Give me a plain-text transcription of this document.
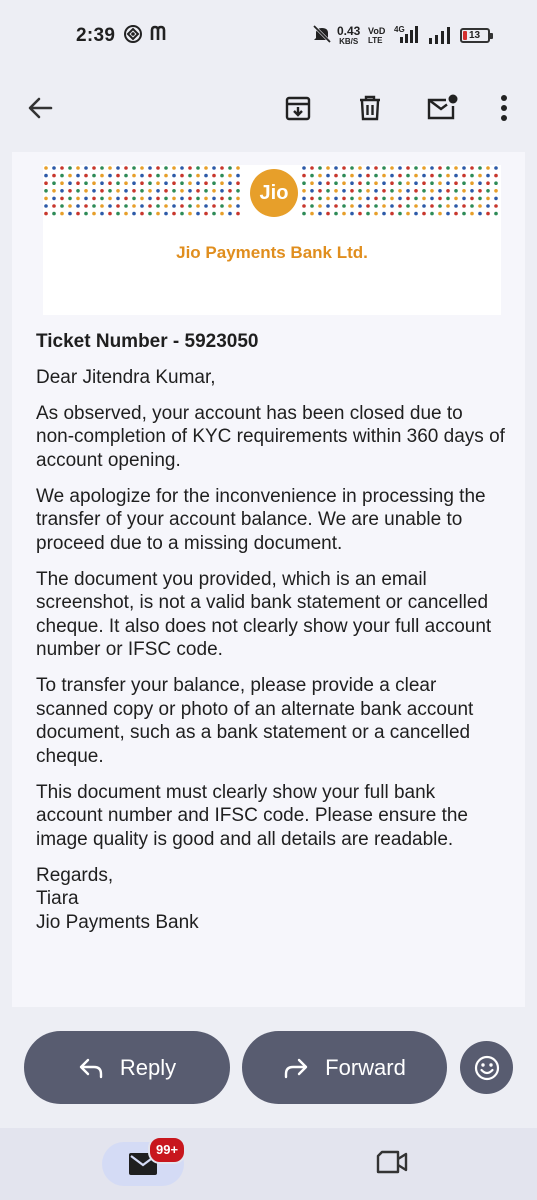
2:39	0.43
KB/S
VoD
LTE
4G
13
Jio
Jio Payments Bank Ltd.

Ticket Number - 5923050

Dear Jitendra Kumar,

As observed, your account has been closed due to non-completion of KYC requirements within 360 days of account opening.

We apologize for the inconvenience in processing the transfer of your account balance. We are unable to proceed due to a missing document.

The document you provided, which is an email screenshot, is not a valid bank statement or cancelled cheque. It also does not clearly show your full account number or IFSC code.

To transfer your balance, please provide a clear scanned copy or photo of an alternate bank account document, such as a bank statement or a cancelled cheque.

This document must clearly show your full bank account number and IFSC code. Please ensure the image quality is good and all details are readable.

Regards,
Tiara
Jio Payments Bank

Reply	Forward
99+
